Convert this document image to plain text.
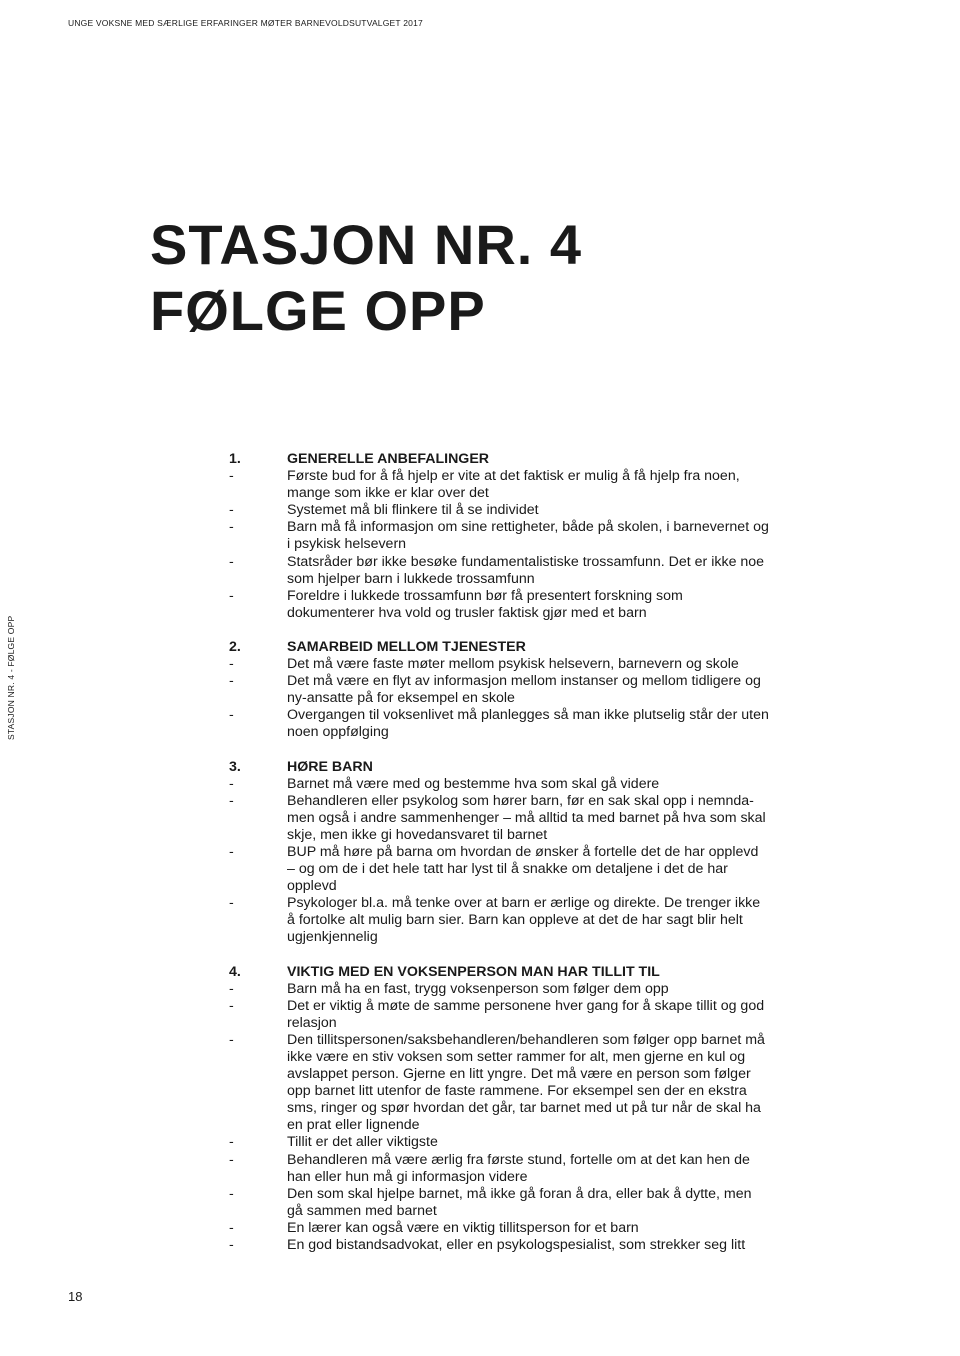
UNGE VOKSNE MED SÆRLIGE ERFARINGER MØTER BARNEVOLDSUTVALGET 2017
STASJON NR. 4 - FØLGE OPP
STASJON NR. 4
FØLGE OPP
1.	GENERELLE ANBEFALINGER
-	Første bud for å få hjelp er vite at det faktisk er mulig å få hjelp fra noen, mange som ikke er klar over det
-	Systemet må bli flinkere til å se individet
-	Barn må få informasjon om sine rettigheter, både på skolen, i barnevernet og i psykisk helsevern
-	Statsråder bør ikke besøke fundamentalistiske trossamfunn. Det er ikke noe som hjelper barn i lukkede trossamfunn
-	Foreldre i lukkede trossamfunn bør få presentert forskning som dokumenterer hva vold og trusler faktisk gjør med et barn
2.	SAMARBEID MELLOM TJENESTER
-	Det må være faste møter mellom psykisk helsevern, barnevern og skole
-	Det må være en flyt av informasjon mellom instanser og mellom tidligere og ny-ansatte på for eksempel en skole
-	Overgangen til voksenlivet må planlegges så man ikke plutselig står der uten noen oppfølging
3.	HØRE BARN
-	Barnet må være med og bestemme hva som skal gå videre
-	Behandleren eller psykolog som hører barn, før en sak skal opp i nemnda- men også i andre sammenhenger – må alltid ta med barnet på hva som skal skje, men ikke gi hovedansvaret til barnet
-	BUP må høre på barna om hvordan de ønsker å fortelle det de har opplevd – og om de i det hele tatt har lyst til å snakke om detaljene i det de har opplevd
-	Psykologer bl.a. må tenke over at barn er ærlige og direkte. De trenger ikke å fortolke alt mulig barn sier. Barn kan oppleve at det de har sagt blir helt ugjenkjennelig
4.	VIKTIG MED EN VOKSENPERSON MAN HAR TILLIT TIL
-	Barn må ha en fast, trygg voksenperson som følger dem opp
-	Det er viktig å møte de samme personene hver gang for å skape tillit og god relasjon
-	Den tillitspersonen/saksbehandleren/behandleren som følger opp barnet må ikke være en stiv voksen som setter rammer for alt, men gjerne en kul og avslappet person. Gjerne en litt yngre. Det må være en person som følger opp barnet litt utenfor de faste rammene. For eksempel sen der en ekstra sms, ringer og spør hvordan det går, tar barnet med ut på tur når de skal ha en prat eller lignende
-	Tillit er det aller viktigste
-	Behandleren må være ærlig fra første stund, fortelle om at det kan hen de han eller hun må gi informasjon videre
-	Den som skal hjelpe barnet, må ikke gå foran å dra, eller bak å dytte, men gå sammen med barnet
-	En lærer kan også være en viktig tillitsperson for et barn
-	En god bistandsadvokat, eller en psykologspesialist, som strekker seg litt
18
